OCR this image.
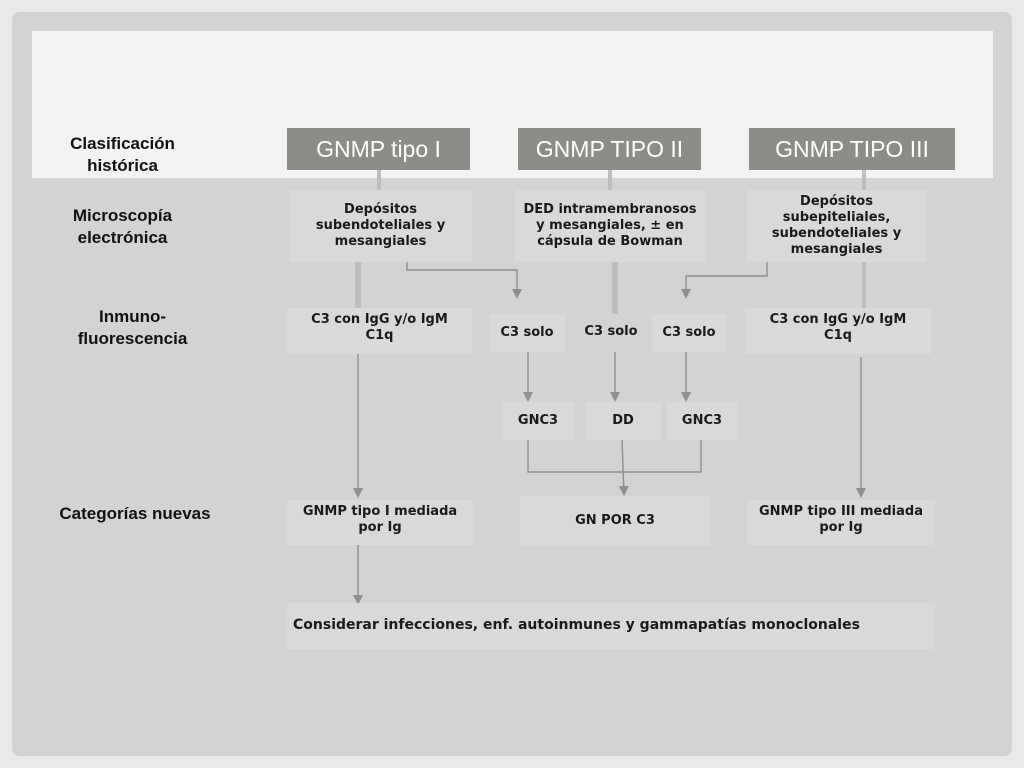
Clasificación
histórica
Microscopía
electrónica
Inmuno-
fluorescencia
Categorías nuevas
GNMP tipo I	GNMP TIPO II	GNMP TIPO III
Depósitos subendoteliales y mesangiales
DED intramembranosos y mesangiales, ± en cápsula de Bowman
Depósitos subepiteliales, subendoteliales y mesangiales
C3 con IgG y/o IgM
C1q	C3 solo	C3 solo	C3 solo
C3 con IgG y/o IgM
C1q
GNC3	DD	GNC3
GNMP tipo I mediada por Ig	GN POR C3
GNMP tipo III mediada por Ig
Considerar infecciones, enf. autoinmunes y gammapatías monoclonales
